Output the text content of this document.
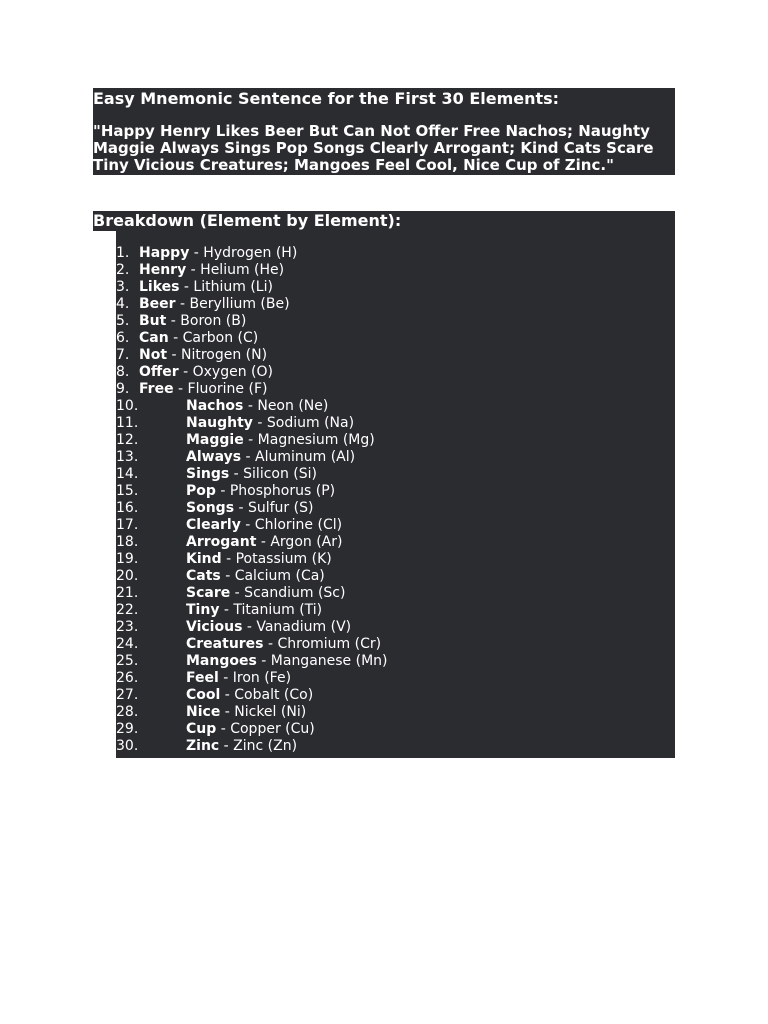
Easy Mnemonic Sentence for the First 30 Elements:
"Happy Henry Likes Beer But Can Not Offer Free Nachos; Naughty Maggie Always Sings Pop Songs Clearly Arrogant; Kind Cats Scare Tiny Vicious Creatures; Mangoes Feel Cool, Nice Cup of Zinc."
Breakdown (Element by Element):
1. Happy - Hydrogen (H)
2. Henry - Helium (He)
3. Likes - Lithium (Li)
4. Beer - Beryllium (Be)
5. But - Boron (B)
6. Can - Carbon (C)
7. Not - Nitrogen (N)
8. Offer - Oxygen (O)
9. Free - Fluorine (F)
10.	Nachos - Neon (Ne)
11.	Naughty - Sodium (Na)
12.	Maggie - Magnesium (Mg)
13.	Always - Aluminum (Al)
14.	Sings - Silicon (Si)
15.	Pop - Phosphorus (P)
16.	Songs - Sulfur (S)
17.	Clearly - Chlorine (Cl)
18.	Arrogant - Argon (Ar)
19.	Kind - Potassium (K)
20.	Cats - Calcium (Ca)
21.	Scare - Scandium (Sc)
22.	Tiny - Titanium (Ti)
23.	Vicious - Vanadium (V)
24.	Creatures - Chromium (Cr)
25.	Mangoes - Manganese (Mn)
26.	Feel - Iron (Fe)
27.	Cool - Cobalt (Co)
28.	Nice - Nickel (Ni)
29.	Cup - Copper (Cu)
30.	Zinc - Zinc (Zn)
